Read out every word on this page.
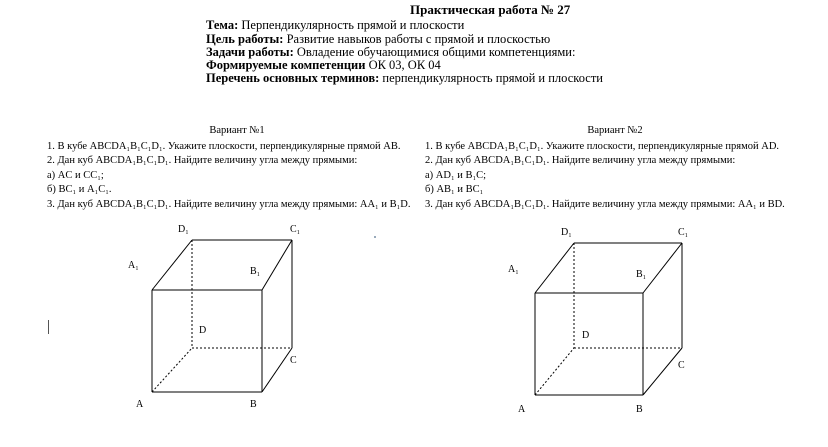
Практическая работа № 27
Тема: Перпендикулярность прямой и плоскости
Цель работы: Развитие навыков работы с прямой и плоскостью
Задачи работы: Овладение обучающимися общими компетенциями:
Формируемые компетенции ОК 03, ОК 04
Перечень основных терминов: перпендикулярность прямой и плоскости
Вариант №1
1. В кубе ABCDA₁B₁C₁D₁. Укажите плоскости, перпендикулярные прямой AB.
2. Дан куб ABCDA₁B₁C₁D₁. Найдите величину угла между прямыми:
а) AC и CC₁;
б) BC₁ и A₁C₁.
3. Дан куб ABCDA₁B₁C₁D₁. Найдите величину угла между прямыми: AA₁ и B₁D.
Вариант №2
1. В кубе ABCDA₁B₁C₁D₁. Укажите плоскости, перпендикулярные прямой AD.
2. Дан куб ABCDA₁B₁C₁D₁. Найдите величину угла между прямыми:
а) AD₁ и B₁C;
б) AB₁ и BC₁
3. Дан куб ABCDA₁B₁C₁D₁. Найдите величину угла между прямыми: AA₁ и BD.
A	B
C
D
A₁
B₁
C₁
D₁
A	B
C
D
A₁	B₁
C₁
D₁
